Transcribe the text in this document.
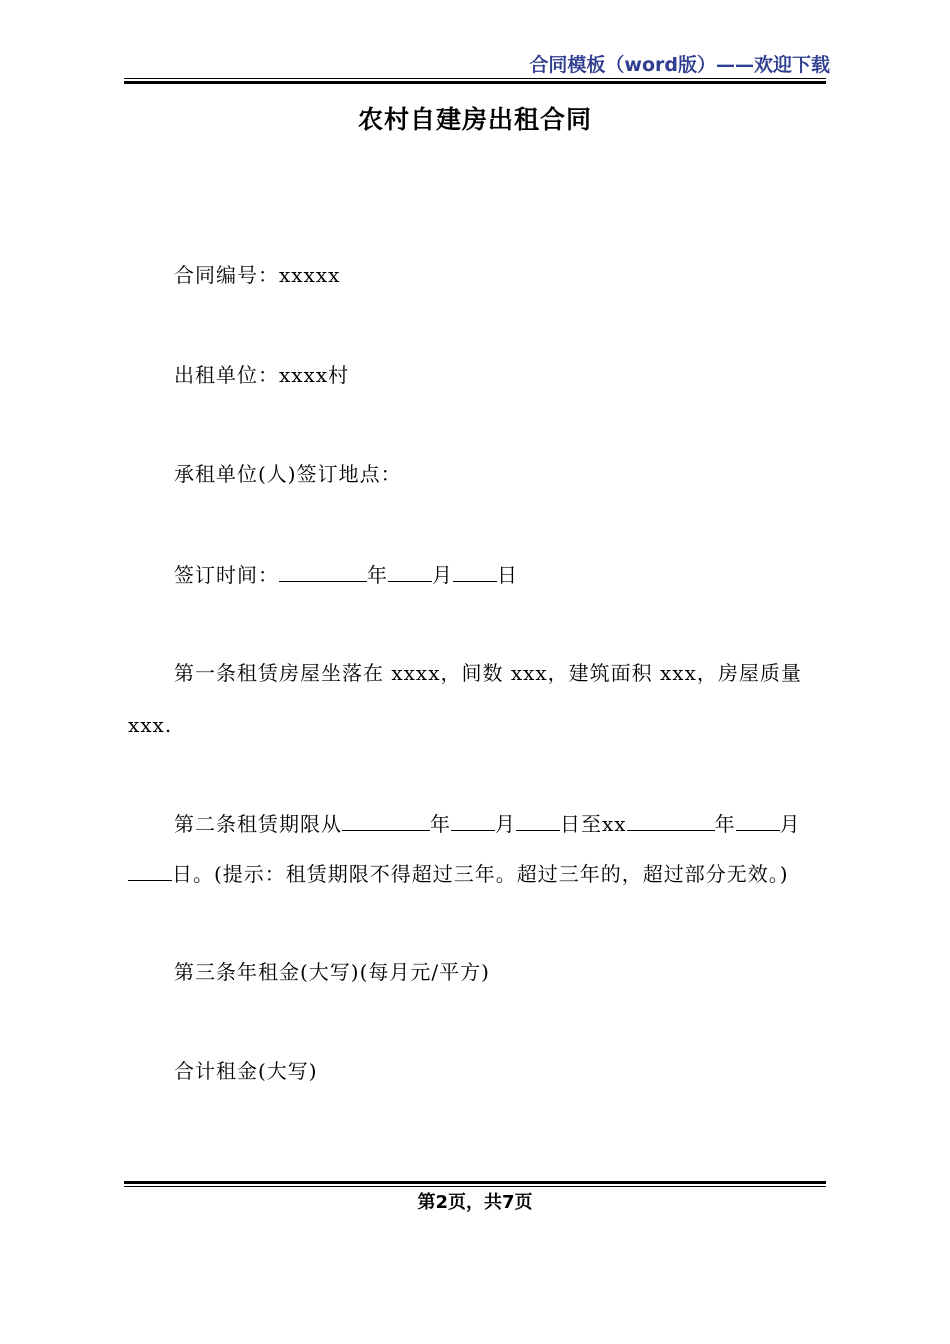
合同模板（word版）——欢迎下载
农村自建房出租合同
合同编号：xxxxx
出租单位：xxxx村
承租单位(人)签订地点：
签订时间：	年 月 日
第一条租赁房屋坐落在 xxxx，间数 xxx，建筑面积 xxx，房屋质量
xxx.
第二条租赁期限从	年 月 日至xx	年 月
日。(提示：租赁期限不得超过三年。超过三年的，超过部分无效。)
第三条年租金(大写)(每月元/平方)
合计租金(大写)
第2页，共7页
